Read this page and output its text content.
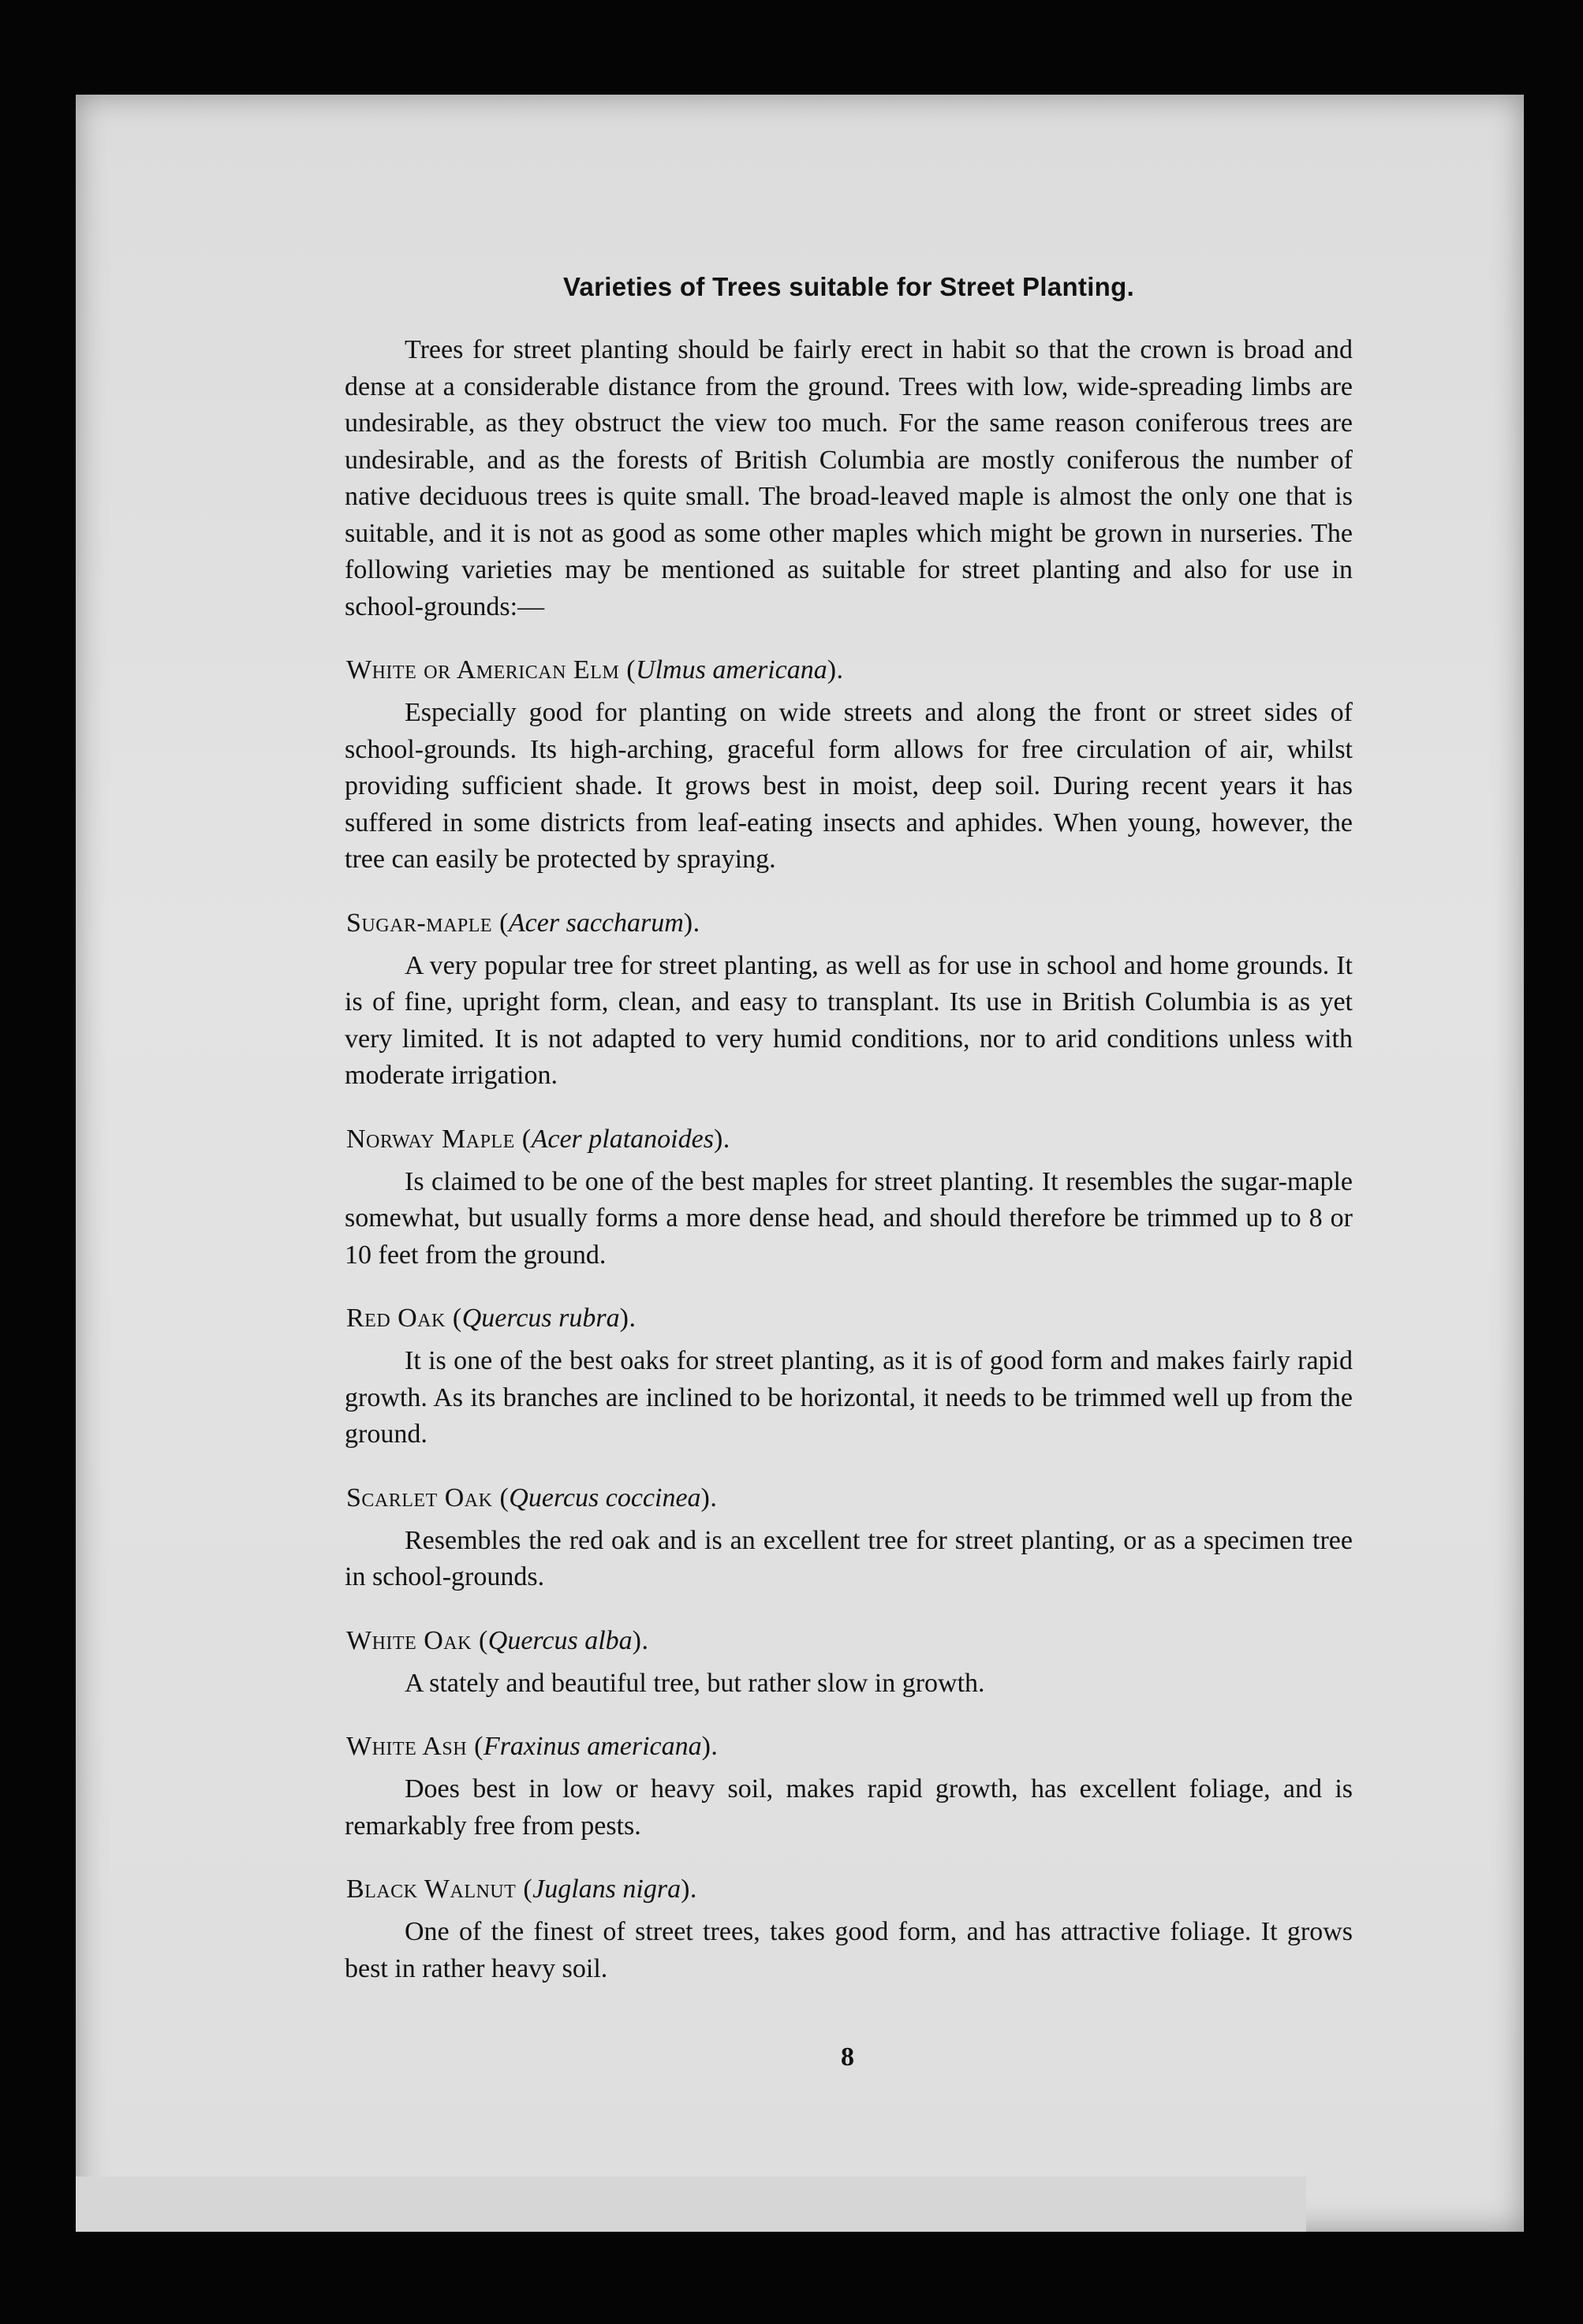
Varieties of Trees suitable for Street Planting.

Trees for street planting should be fairly erect in habit so that the crown is broad and dense at a considerable distance from the ground. Trees with low, wide-spreading limbs are undesirable, as they obstruct the view too much. For the same reason coniferous trees are undesirable, and as the forests of British Columbia are mostly coniferous the number of native deciduous trees is quite small. The broad-leaved maple is almost the only one that is suitable, and it is not as good as some other maples which might be grown in nurseries. The following varieties may be mentioned as suitable for street planting and also for use in school-grounds:—

White or American Elm (Ulmus americana).

Especially good for planting on wide streets and along the front or street sides of school-grounds. Its high-arching, graceful form allows for free circulation of air, whilst providing sufficient shade. It grows best in moist, deep soil. During recent years it has suffered in some districts from leaf-eating insects and aphides. When young, however, the tree can easily be protected by spraying.

Sugar-maple (Acer saccharum).

A very popular tree for street planting, as well as for use in school and home grounds. It is of fine, upright form, clean, and easy to transplant. Its use in British Columbia is as yet very limited. It is not adapted to very humid conditions, nor to arid conditions unless with moderate irrigation.

Norway Maple (Acer platanoides).

Is claimed to be one of the best maples for street planting. It resembles the sugar-maple somewhat, but usually forms a more dense head, and should therefore be trimmed up to 8 or 10 feet from the ground.

Red Oak (Quercus rubra).

It is one of the best oaks for street planting, as it is of good form and makes fairly rapid growth. As its branches are inclined to be horizontal, it needs to be trimmed well up from the ground.

Scarlet Oak (Quercus coccinea).

Resembles the red oak and is an excellent tree for street planting, or as a specimen tree in school-grounds.

White Oak (Quercus alba).

A stately and beautiful tree, but rather slow in growth.

White Ash (Fraxinus americana).

Does best in low or heavy soil, makes rapid growth, has excellent foliage, and is remarkably free from pests.

Black Walnut (Juglans nigra).

One of the finest of street trees, takes good form, and has attractive foliage. It grows best in rather heavy soil.

8
